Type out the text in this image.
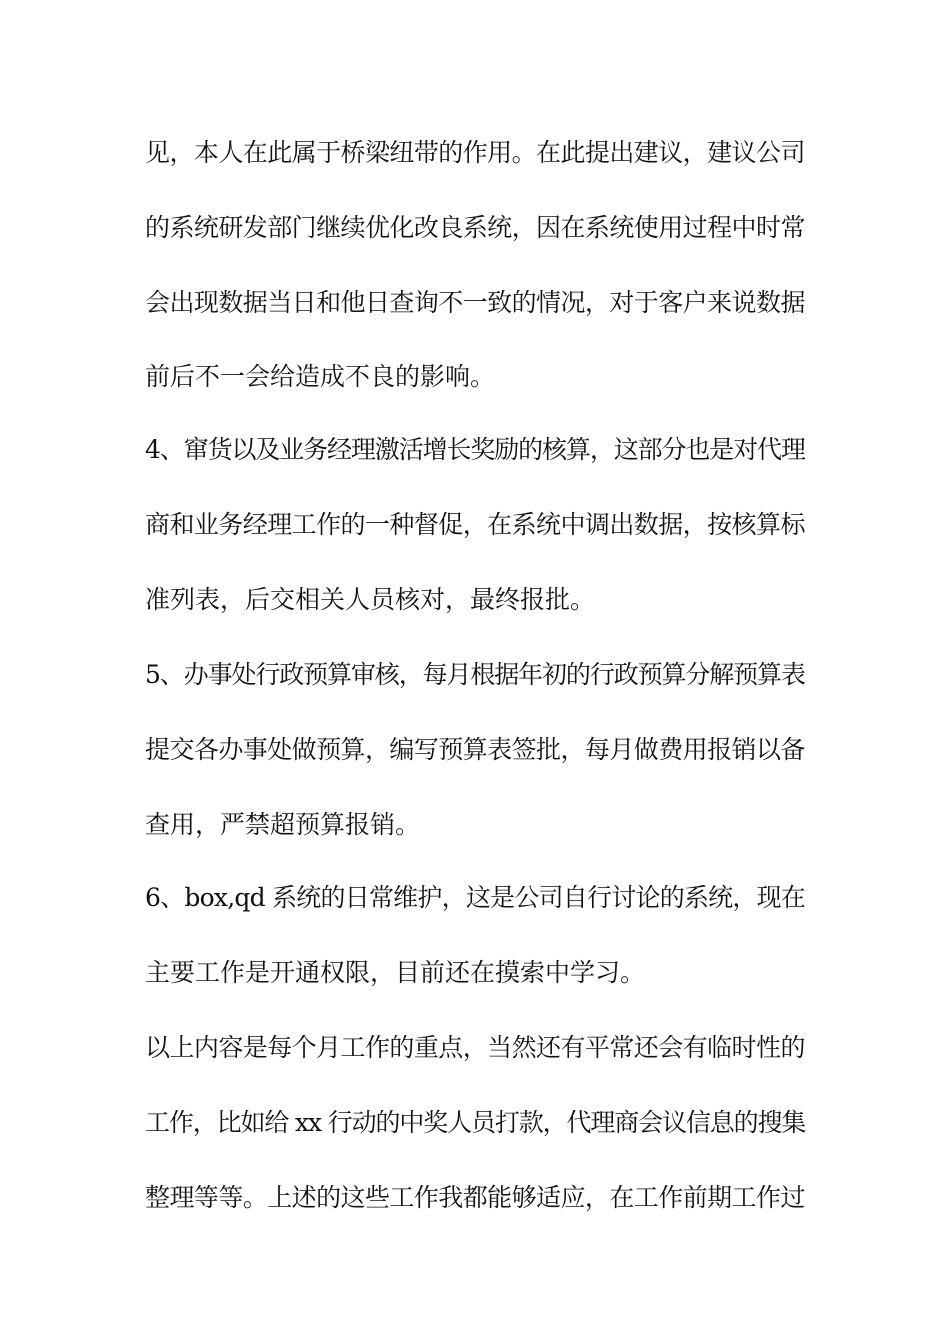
见，本人在此属于桥梁纽带的作用。在此提出建议，建议公司
的系统研发部门继续优化改良系统，因在系统使用过程中时常
会出现数据当日和他日查询不一致的情况，对于客户来说数据
前后不一会给造成不良的影响。
4、窜货以及业务经理激活增长奖励的核算，这部分也是对代理
商和业务经理工作的一种督促，在系统中调出数据，按核算标
准列表，后交相关人员核对，最终报批。
5、办事处行政预算审核，每月根据年初的行政预算分解预算表
提交各办事处做预算，编写预算表签批，每月做费用报销以备
查用，严禁超预算报销。
6、box,qd 系统的日常维护，这是公司自行讨论的系统，现在
主要工作是开通权限，目前还在摸索中学习。
以上内容是每个月工作的重点，当然还有平常还会有临时性的
工作，比如给 xx 行动的中奖人员打款，代理商会议信息的搜集
整理等等。上述的这些工作我都能够适应，在工作前期工作过
